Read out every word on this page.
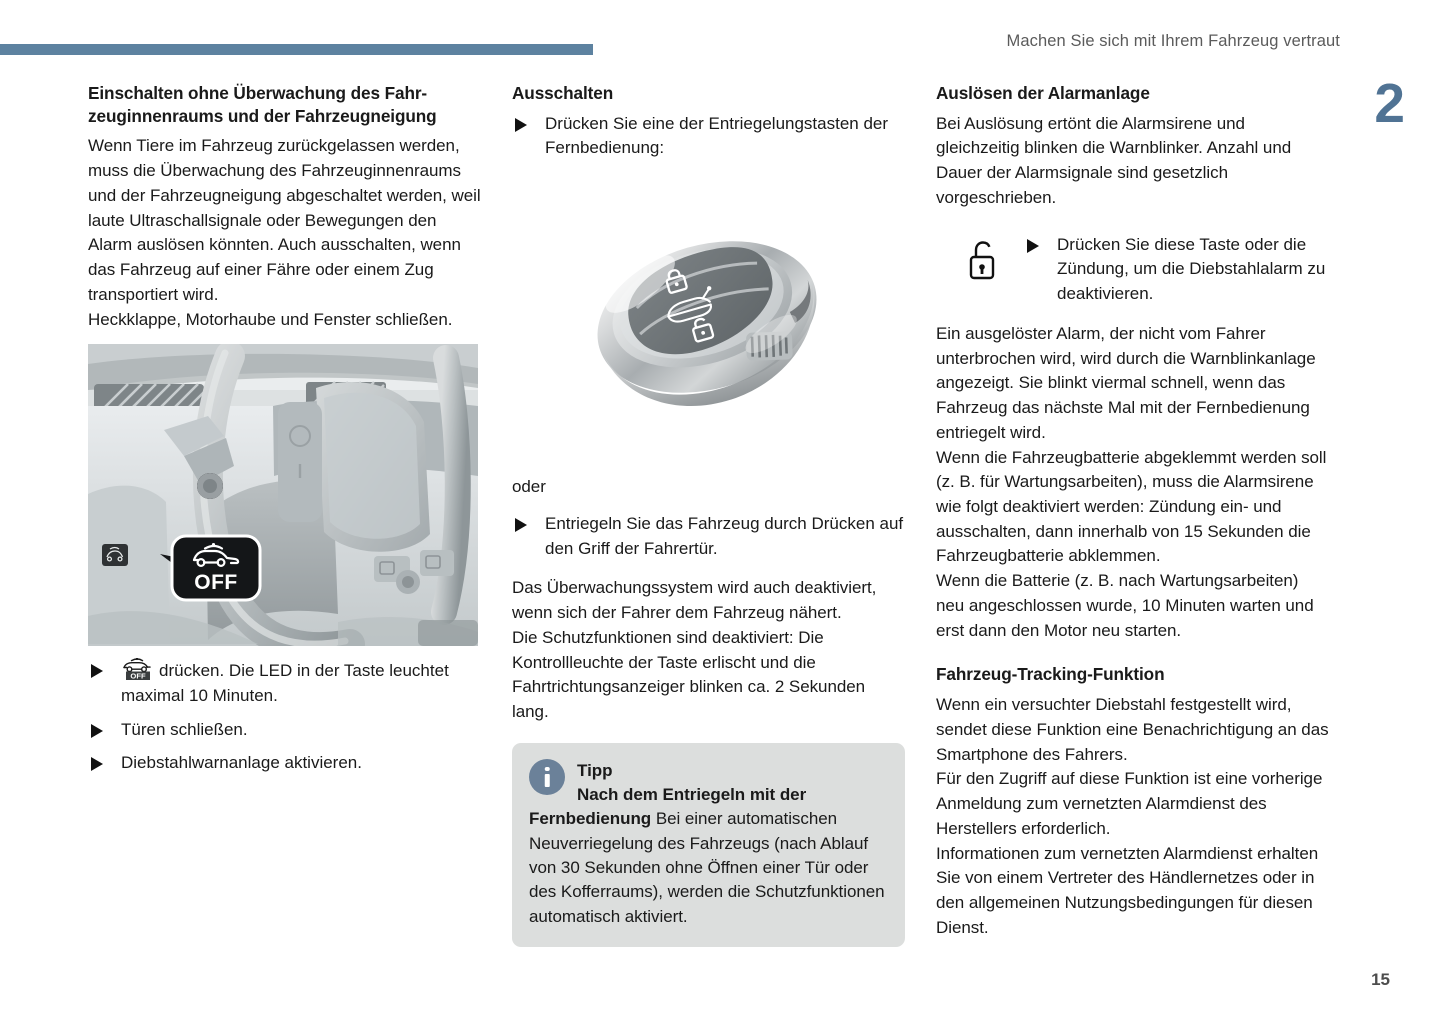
Machen Sie sich mit Ihrem Fahrzeug vertraut
2
15
Einschalten ohne Überwachung des Fahr-
zeuginnenraums und der Fahrzeugneigung

Wenn Tiere im Fahrzeug zurückgelassen werden, muss die Überwachung des Fahrzeuginnenraums und der Fahrzeugneigung abgeschaltet werden, weil laute Ultraschallsignale oder Bewegungen den Alarm auslösen könnten. Auch ausschalten, wenn das Fahrzeug auf einer Fähre oder einem Zug transportiert wird.

Heckklappe, Motorhaube und Fenster schließen.

OFF
OFF drücken. Die LED in der Taste leuchtet maximal 10 Minuten.
Türen schließen.
Diebstahlwarnanlage aktivieren.
Ausschalten
Drücken Sie eine der Entriegelungstasten der Fernbedienung:

oder

Entriegeln Sie das Fahrzeug durch Drücken auf den Griff der Fahrertür.

Das Überwachungssystem wird auch deaktiviert, wenn sich der Fahrer dem Fahrzeug nähert.

Die Schutzfunktionen sind deaktiviert: Die Kontrollleuchte der Taste erlischt und die Fahrtrichtungsanzeiger blinken ca. 2 Sekunden lang.

Tipp

Nach dem Entriegeln mit der Fernbedienung Bei einer automatischen Neuverriegelung des Fahrzeugs (nach Ablauf von 30 Sekunden ohne Öffnen einer Tür oder des Kofferraums), werden die Schutzfunktionen automatisch aktiviert.

Auslösen der Alarmanlage

Bei Auslösung ertönt die Alarmsirene und gleichzeitig blinken die Warnblinker. Anzahl und Dauer der Alarmsignale sind gesetzlich vorgeschrieben.

Drücken Sie diese Taste oder die Zündung, um die Diebstahlalarm zu deaktivieren.

Ein ausgelöster Alarm, der nicht vom Fahrer unterbrochen wird, wird durch die Warnblinkanlage angezeigt. Sie blinkt viermal schnell, wenn das Fahrzeug das nächste Mal mit der Fernbedienung entriegelt wird.

Wenn die Fahrzeugbatterie abgeklemmt werden soll (z. B. für Wartungsarbeiten), muss die Alarmsirene wie folgt deaktiviert werden: Zündung ein- und ausschalten, dann innerhalb von 15 Sekunden die Fahrzeugbatterie abklemmen.

Wenn die Batterie (z. B. nach Wartungsarbeiten) neu angeschlossen wurde, 10 Minuten warten und erst dann den Motor neu starten.

Fahrzeug-Tracking-Funktion

Wenn ein versuchter Diebstahl festgestellt wird, sendet diese Funktion eine Benachrichtigung an das Smartphone des Fahrers.

Für den Zugriff auf diese Funktion ist eine vorherige Anmeldung zum vernetzten Alarmdienst des Herstellers erforderlich.

Informationen zum vernetzten Alarmdienst erhalten Sie von einem Vertreter des Händlernetzes oder in den allgemeinen Nutzungsbedingungen für diesen Dienst.
